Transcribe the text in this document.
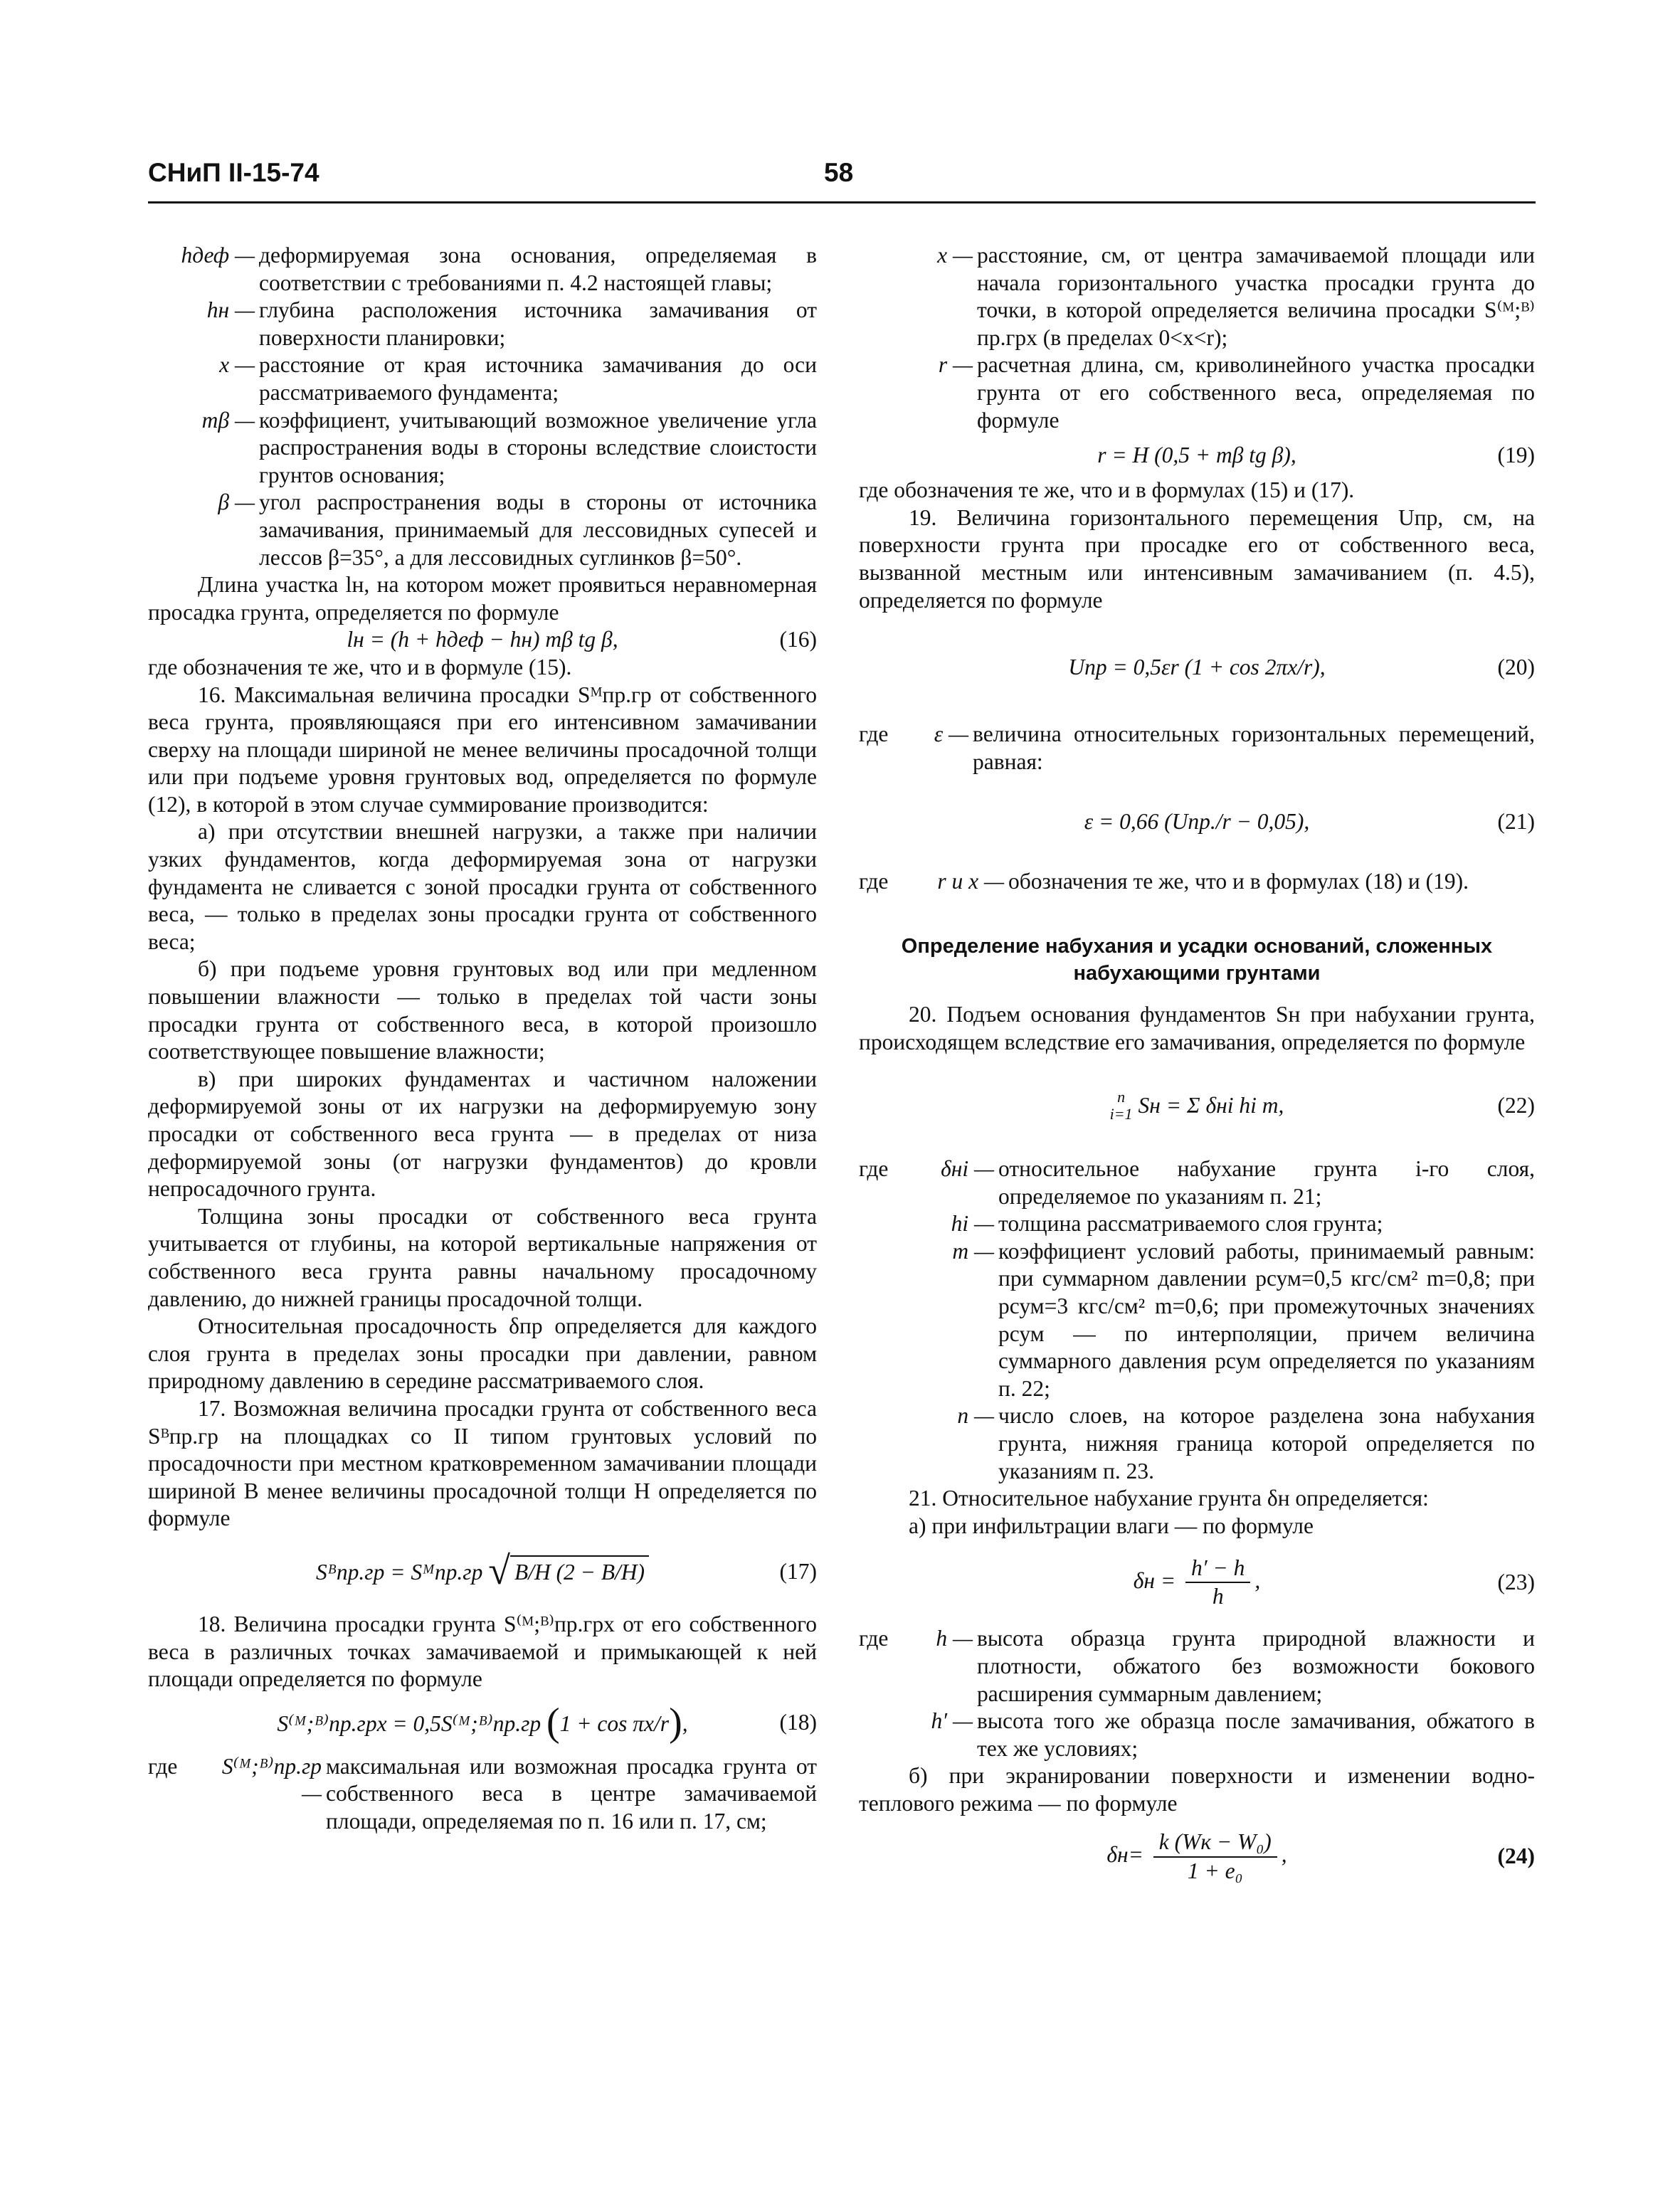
СНиП II-15-74	58
hдеф — деформируемая зона основания, определяемая в соответствии с требованиями п. 4.2 настоящей главы;
hн — глубина расположения источника замачивания от поверхности планировки;
x — расстояние от края источника замачивания до оси рассматриваемого фундамента;
mβ — коэффициент, учитывающий возможное увеличение угла распространения воды в стороны вследствие слоистости грунтов основания;
β — угол распространения воды в стороны от источника замачивания, принимаемый для лессовидных супесей и лессов β=35°, а для лессовидных суглинков β=50°.

Длина участка lн, на котором может проявиться неравномерная просадка грунта, определяется по формуле

lн = (h + hдеф − hн) mβ tg β,	(16)

где обозначения те же, что и в формуле (15).

16. Максимальная величина просадки Sᴹпр.гр от собственного веса грунта, проявляющаяся при его интенсивном замачивании сверху на площади шириной не менее величины просадочной толщи или при подъеме уровня грунтовых вод, определяется по формуле (12), в которой в этом случае суммирование производится:

а) при отсутствии внешней нагрузки, а также при наличии узких фундаментов, когда деформируемая зона от нагрузки фундамента не сливается с зоной просадки грунта от собственного веса, — только в пределах зоны просадки грунта от собственного веса;

б) при подъеме уровня грунтовых вод или при медленном повышении влажности — только в пределах той части зоны просадки грунта от собственного веса, в которой произошло соответствующее повышение влажности;

в) при широких фундаментах и частичном наложении деформируемой зоны от их нагрузки на деформируемую зону просадки от собственного веса грунта — в пределах от низа деформируемой зоны (от нагрузки фундаментов) до кровли непросадочного грунта.

Толщина зоны просадки от собственного веса грунта учитывается от глубины, на которой вертикальные напряжения от собственного веса грунта равны начальному просадочному давлению, до нижней границы просадочной толщи.

Относительная просадочность δпр определяется для каждого слоя грунта в пределах зоны просадки при давлении, равном природному давлению в середине рассматриваемого слоя.

17. Возможная величина просадки грунта от собственного веса Sᴮпр.гр на площадках со II типом грунтовых условий по просадочности при местном кратковременном замачивании площади шириной B менее величины просадочной толщи H определяется по формуле

Sᴮпр.гр = Sᴹпр.гр √ B/H (2 − B/H)	(17)

18. Величина просадки грунта S⁽ᴹ;ᴮ⁾пр.грx от его собственного веса в различных точках замачиваемой и примыкающей к ней площади определяется по формуле

S⁽ᴹ;ᴮ⁾пр.грx = 0,5S⁽ᴹ;ᴮ⁾пр.гр (1 + cos πx/r),	(18)
где	S⁽ᴹ;ᴮ⁾пр.гр —
максимальная или возможная просадка грунта от собственного веса в центре замачиваемой площади, определяемая по п. 16 или п. 17, см;
x — расстояние, см, от центра замачиваемой площади или начала горизонтального участка просадки грунта до точки, в которой определяется величина просадки S⁽ᴹ;ᴮ⁾пр.грx (в пределах 0<x<r);
r — расчетная длина, см, криволинейного участка просадки грунта от его собственного веса, определяемая по формуле
r = H (0,5 + mβ tg β),	(19)

где обозначения те же, что и в формулах (15) и (17).

19. Величина горизонтального перемещения Uпр, см, на поверхности грунта при просадке его от собственного веса, вызванной местным или интенсивным замачиванием (п. 4.5), определяется по формуле

Uпр = 0,5εr (1 + cos 2πx/r),	(20)
где	ε — величина относительных горизонтальных перемещений, равная:
ε = 0,66 (Uпр./r − 0,05),	(21)
где	r и x — обозначения те же, что и в формулах (18) и (19).

Определение набухания и усадки оснований, сложенных набухающими грунтами

20. Подъем основания фундаментов Sн при набухании грунта, происходящем вследствие его замачивания, определяется по формуле

n
i=1 Sн = Σ δнi hi m,	(22)
где	δнi — относительное набухание грунта i-го слоя, определяемое по указаниям п. 21;
hi — толщина рассматриваемого слоя грунта;
m — коэффициент условий работы, принимаемый равным: при суммарном давлении pсум=0,5 кгс/см² m=0,8; при pсум=3 кгс/см² m=0,6; при промежуточных значениях pсум — по интерполяции, причем величина суммарного давления pсум определяется по указаниям п. 22;
n — число слоев, на которое разделена зона набухания грунта, нижняя граница которой определяется по указаниям п. 23.

21. Относительное набухание грунта δн определяется:

а) при инфильтрации влаги — по формуле

$\delta н = \frac{h' - h}{h}$ ,	(23)
где	h — высота образца грунта природной влажности и плотности, обжатого без возможности бокового расширения суммарным давлением;
h′ — высота того же образца после замачивания, обжатого в тех же условиях;

б) при экранировании поверхности и изменении водно-теплового режима — по формуле

$\delta н= \frac{\text{k (Wк − W₀)}}{\text{1 + e₀}}$ ,	(24)
